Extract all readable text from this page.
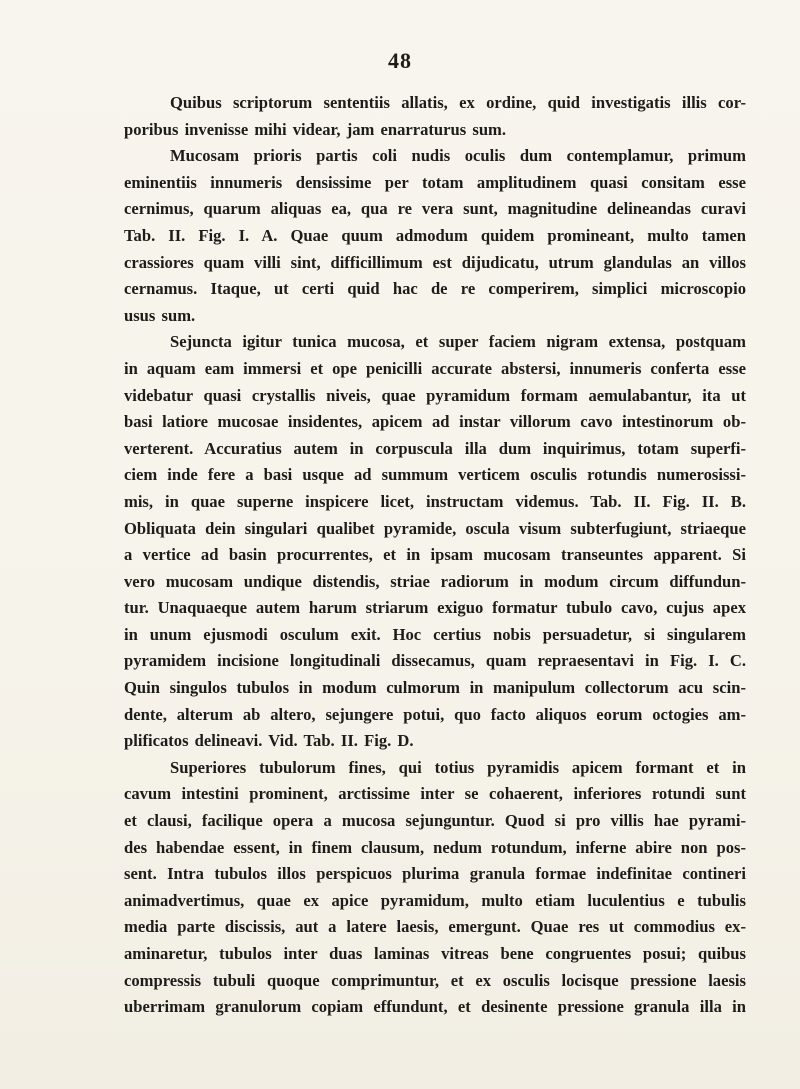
48
Quibus scriptorum sententiis allatis, ex ordine, quid investigatis illis cor-
poribus invenisse mihi videar, jam enarraturus sum.
Mucosam prioris partis coli nudis oculis dum contemplamur, primum
eminentiis innumeris densissime per totam amplitudinem quasi consitam esse
cernimus, quarum aliquas ea, qua re vera sunt, magnitudine delineandas curavi
Tab. II. Fig. I. A. Quae quum admodum quidem promineant, multo tamen
crassiores quam villi sint, difficillimum est dijudicatu, utrum glandulas an villos
cernamus. Itaque, ut certi quid hac de re comperirem, simplici microscopio
usus sum.
Sejuncta igitur tunica mucosa, et super faciem nigram extensa, postquam
in aquam eam immersi et ope penicilli accurate abstersi, innumeris conferta esse
videbatur quasi crystallis niveis, quae pyramidum formam aemulabantur, ita ut
basi latiore mucosae insidentes, apicem ad instar villorum cavo intestinorum ob-
verterent. Accuratius autem in corpuscula illa dum inquirimus, totam superfi-
ciem inde fere a basi usque ad summum verticem osculis rotundis numerosissi-
mis, in quae superne inspicere licet, instructam videmus. Tab. II. Fig. II. B.
Obliquata dein singulari qualibet pyramide, oscula visum subterfugiunt, striaeque
a vertice ad basin procurrentes, et in ipsam mucosam transeuntes apparent. Si
vero mucosam undique distendis, striae radiorum in modum circum diffundun-
tur. Unaquaeque autem harum striarum exiguo formatur tubulo cavo, cujus apex
in unum ejusmodi osculum exit. Hoc certius nobis persuadetur, si singularem
pyramidem incisione longitudinali dissecamus, quam repraesentavi in Fig. I. C.
Quin singulos tubulos in modum culmorum in manipulum collectorum acu scin-
dente, alterum ab altero, sejungere potui, quo facto aliquos eorum octogies am-
plificatos delineavi. Vid. Tab. II. Fig. D.
Superiores tubulorum fines, qui totius pyramidis apicem formant et in
cavum intestini prominent, arctissime inter se cohaerent, inferiores rotundi sunt
et clausi, facilique opera a mucosa sejunguntur. Quod si pro villis hae pyrami-
des habendae essent, in finem clausum, nedum rotundum, inferne abire non pos-
sent. Intra tubulos illos perspicuos plurima granula formae indefinitae contineri
animadvertimus, quae ex apice pyramidum, multo etiam luculentius e tubulis
media parte discissis, aut a latere laesis, emergunt. Quae res ut commodius ex-
aminaretur, tubulos inter duas laminas vitreas bene congruentes posui; quibus
compressis tubuli quoque comprimuntur, et ex osculis locisque pressione laesis
uberrimam granulorum copiam effundunt, et desinente pressione granula illa in
